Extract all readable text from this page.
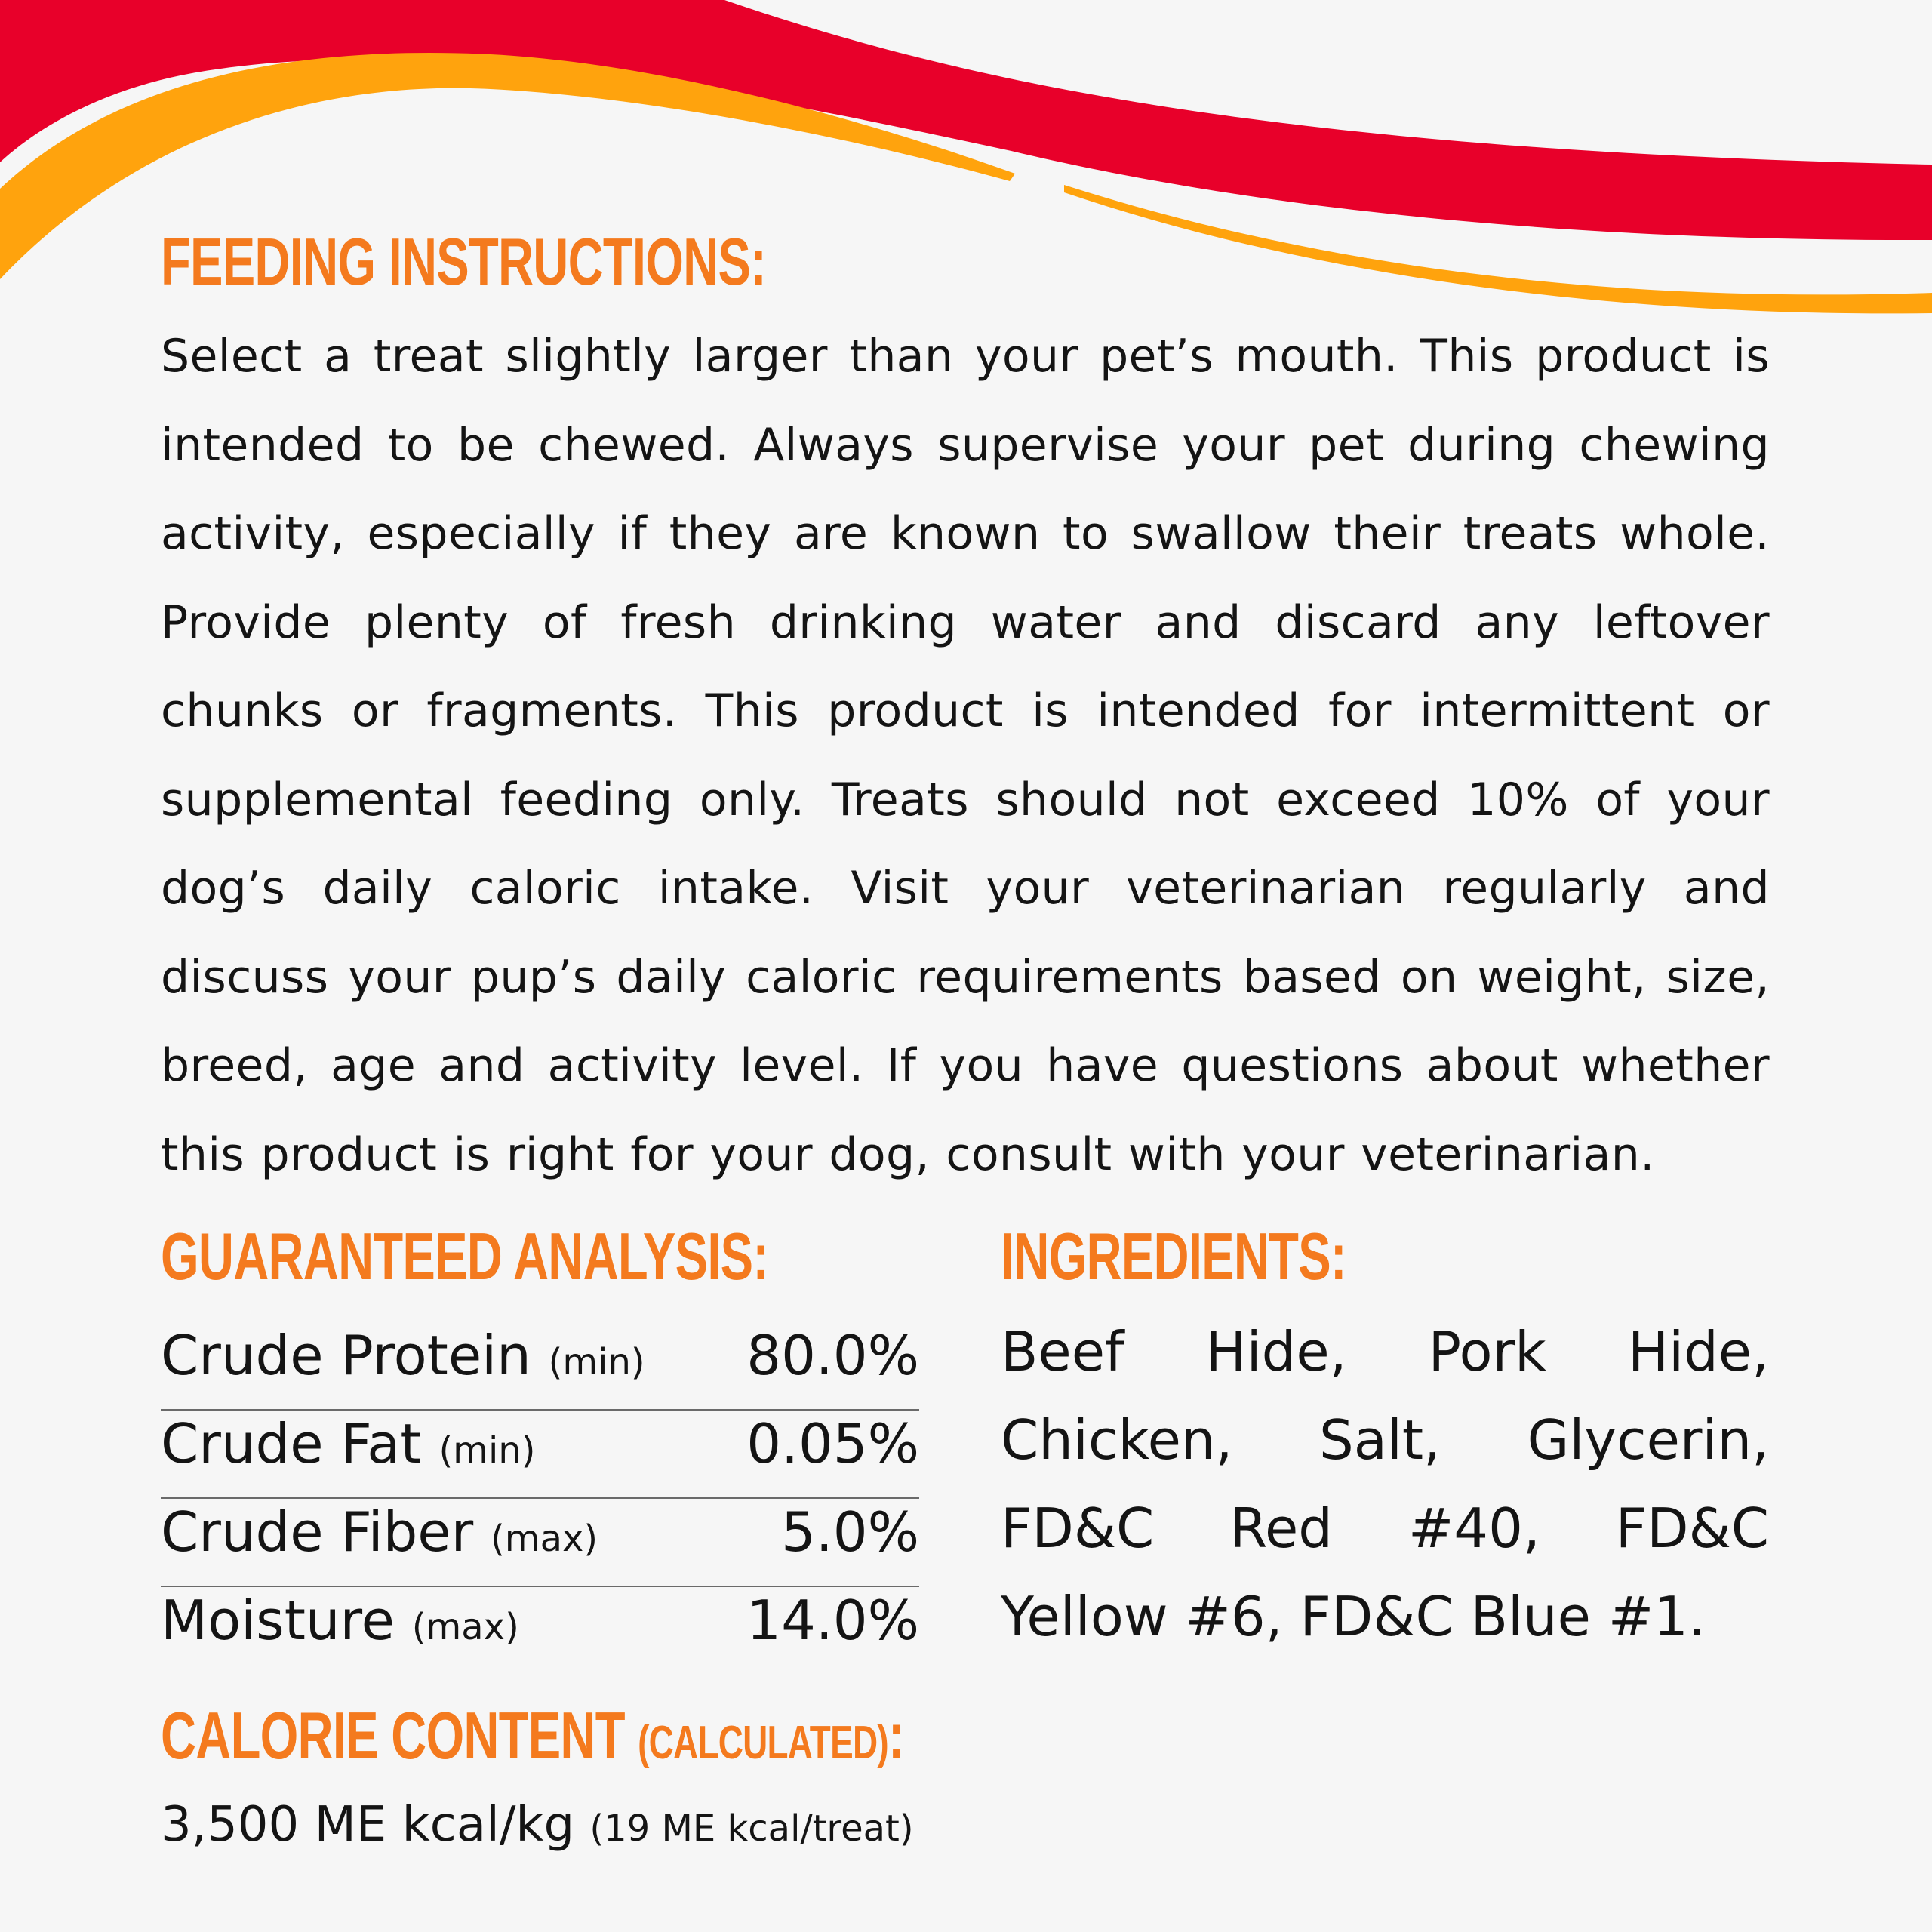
FEEDING INSTRUCTIONS:

Select a treat slightly larger than your pet’s mouth. This product is intended to be chewed. Always supervise your pet during chewing activity, especially if they are known to swallow their treats whole. Provide plenty of fresh drinking water and discard any leftover chunks or fragments. This product is intended for intermittent or supplemental feeding only. Treats should not exceed 10% of your dog’s daily caloric intake. Visit your veterinarian regularly and discuss your pup’s daily caloric requirements based on weight, size, breed, age and activity level. If you have questions about whether this product is right for your dog, consult with your veterinarian.

GUARANTEED ANALYSIS:
Crude Protein (min) 80.0%
Crude Fat (min)	0.05%
Crude Fiber (max)	5.0%
Moisture (max)	14.0%
INGREDIENTS:

Beef Hide, Pork Hide, Chicken, Salt, Glycerin, FD&C Red #40, FD&C Yellow #6, FD&C Blue #1.

CALORIE CONTENT (CALCULATED):

3,500 ME kcal/kg (19 ME kcal/treat)
